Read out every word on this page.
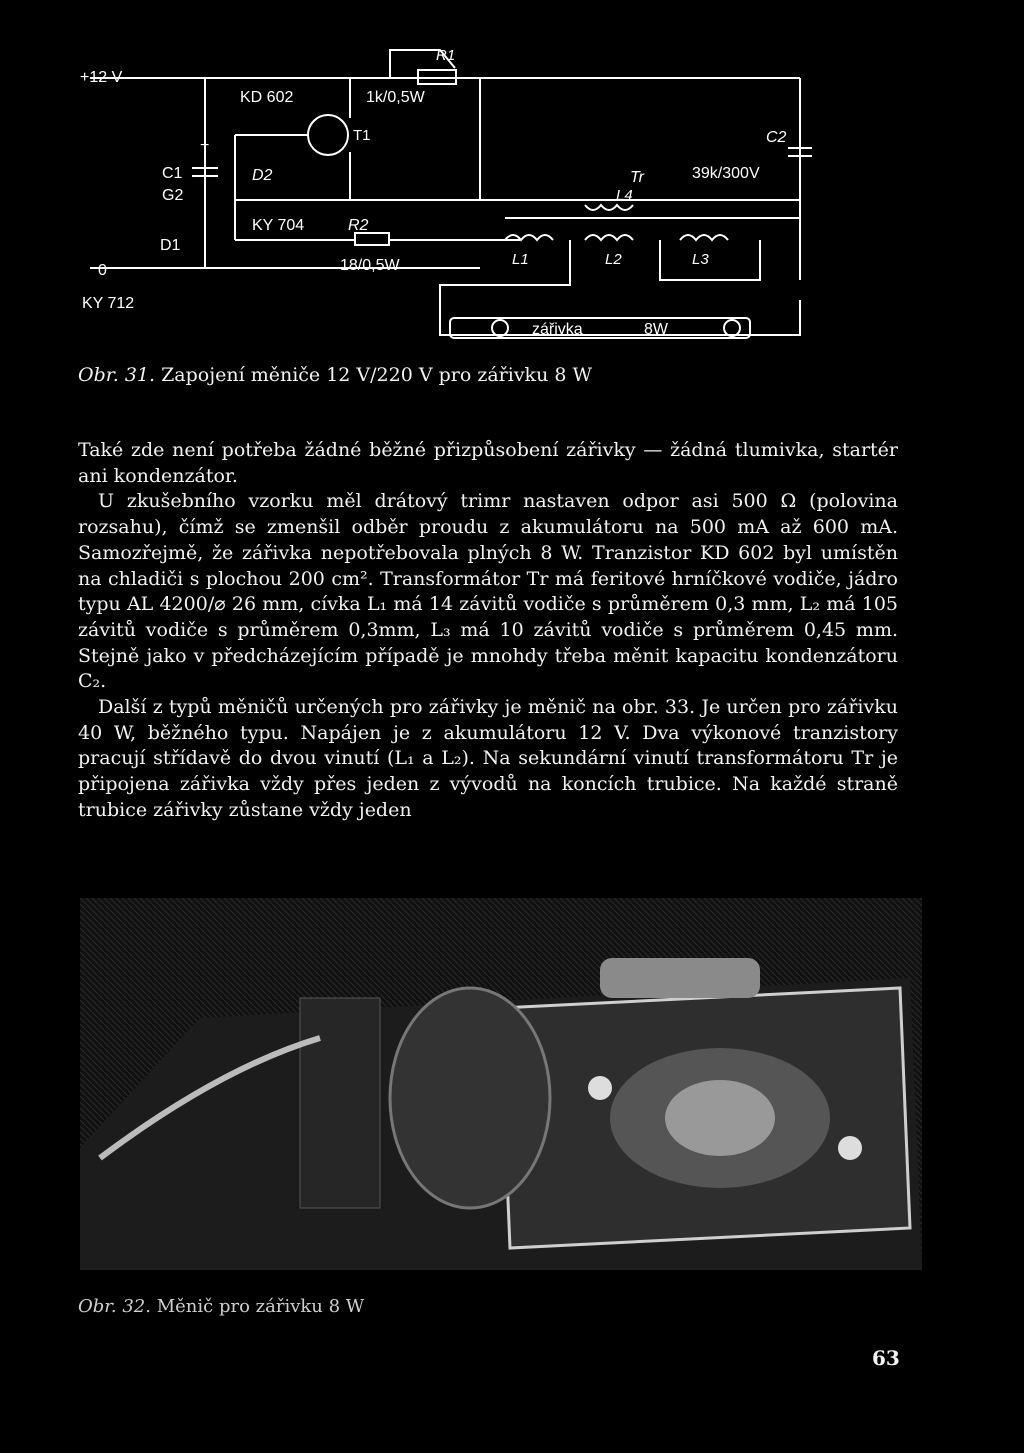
+12 V
0
R1
KD 602	1k/0,5W
T1	C2
+
C1
G2
D2	Tr
L4
39k/300V
KY 704	R2
D1
18/0,5W	L1	L2	L3
KY 712
zářivka	8W
Obr. 31. Zapojení měniče 12 V/220 V pro zářivku 8 W

Také zde není potřeba žádné běžné přizpůsobení zářivky — žádná tlumivka, startér ani kondenzátor.

U zkušebního vzorku měl drátový trimr nastaven odpor asi 500 Ω (polovina rozsahu), čímž se zmenšil odběr proudu z akumulátoru na 500 mA až 600 mA. Samozřejmě, že zářivka nepotřebovala plných 8 W. Tranzistor KD 602 byl umístěn na chladiči s plochou 200 cm². Transformátor Tr má feritové hrníčkové vodiče, jádro typu AL 4200/⌀ 26 mm, cívka L₁ má 14 závitů vodiče s průměrem 0,3 mm, L₂ má 105 závitů vodiče s průměrem 0,3mm, L₃ má 10 závitů vodiče s průměrem 0,45 mm. Stejně jako v předcházejícím případě je mnohdy třeba měnit kapacitu kondenzátoru C₂.

Další z typů měničů určených pro zářivky je měnič na obr. 33. Je určen pro zářivku 40 W, běžného typu. Napájen je z akumulátoru 12 V. Dva výkonové tranzistory pracují střídavě do dvou vinutí (L₁ a L₂). Na sekundární vinutí transformátoru Tr je připojena zářivka vždy přes jeden z vývodů na koncích trubice. Na každé straně trubice zářivky zůstane vždy jeden

Obr. 32. Měnič pro zářivku 8 W
63
